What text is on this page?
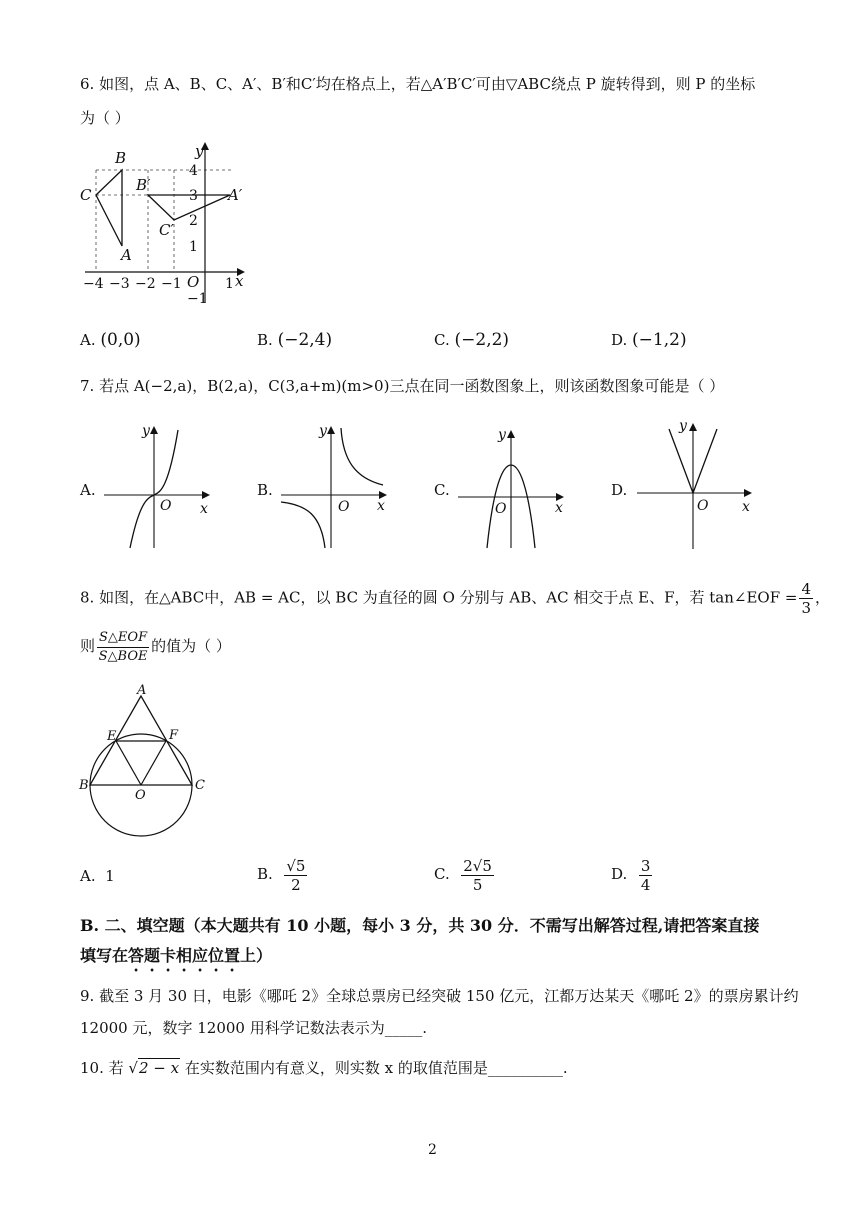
6. 如图，点 A、B、C、A′、B′和C′均在格点上，若△A′B′C′可由▽ABC绕点 P 旋转得到，则 P 的坐标
为（ ）
y
x
B
C
A
B′
C′
A′
O
−4 −3 −2 −1	1
4
3
2
1
−1
A. (0,0)	B. (−2,4)	C. (−2,2)	D. (−1,2)
7. 若点 A(−2,a)，B(2,a)，C(3,a+m)(m>0)三点在同一函数图象上，则该函数图象可能是（ ）
A.
y
x
O
B.
y
x
O
C.
y
x
O
D.
y
x
O
8. 如图，在△ABC中，AB = AC，以 BC 为直径的圆 O 分别与 AB、AC 相交于点 E、F，若 tan∠EOF = $\frac{4}{3}$ ，
则 $\frac{\text{S△EOF}}{\text{S△BOE}}$ 的值为（ ）
A
B	C
E	F
O
A. 1	B. $\frac{√5}{2}$	C. $\frac{2√5}{5}$	D. $\frac{3}{4}$
B. 二、填空题（本大题共有 10 小题，每小 3 分，共 30 分．不需写出解答过程,请把答案直接
填写在答题卡相应位置上）
9. 截至 3 月 30 日，电影《哪吒 2》全球总票房已经突破 150 亿元，江都万达某天《哪吒 2》的票房累计约
12000 元，数字 12000 用科学记数法表示为_____.
10. 若 √2 − x 在实数范围内有意义，则实数 x 的取值范围是__________.
2
